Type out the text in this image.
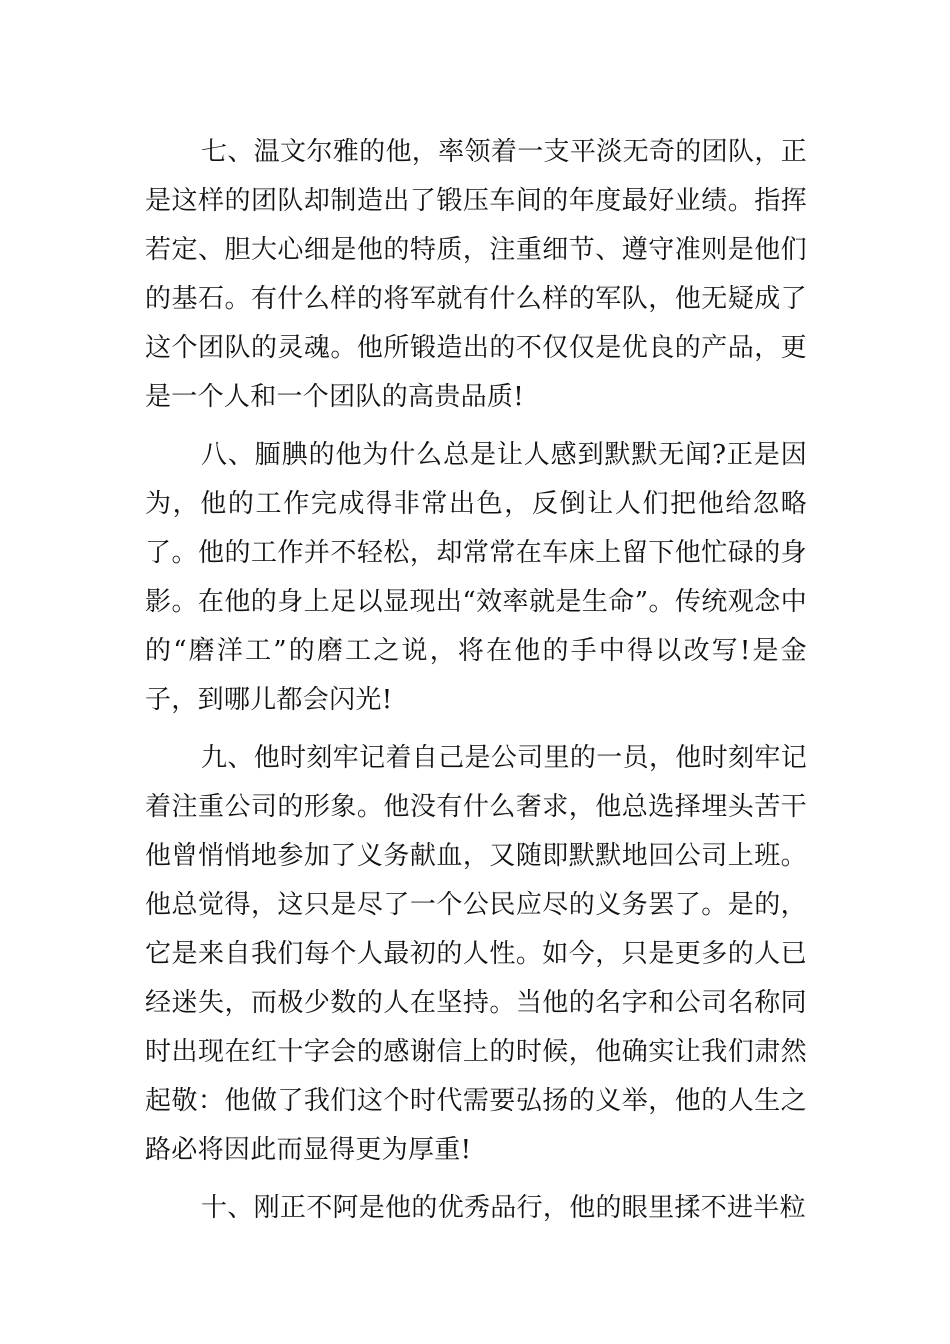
七、温文尔雅的他，率领着一支平淡无奇的团队，正是这样的团队却制造出了锻压车间的年度最好业绩。指挥若定、胆大心细是他的特质，注重细节、遵守准则是他们的基石。有什么样的将军就有什么样的军队，他无疑成了这个团队的灵魂。他所锻造出的不仅仅是优良的产品，更是一个人和一个团队的高贵品质!

八、腼腆的他为什么总是让人感到默默无闻?正是因为，他的工作完成得非常出色，反倒让人们把他给忽略了。他的工作并不轻松，却常常在车床上留下他忙碌的身影。在他的身上足以显现出“效率就是生命”。传统观念中的“磨洋工”的磨工之说，将在他的手中得以改写!是金子，到哪儿都会闪光!

九、他时刻牢记着自己是公司里的一员，他时刻牢记着注重公司的形象。他没有什么奢求，他总选择埋头苦干他曾悄悄地参加了义务献血，又随即默默地回公司上班。他总觉得，这只是尽了一个公民应尽的义务罢了。是的，它是来自我们每个人最初的人性。如今，只是更多的人已经迷失，而极少数的人在坚持。当他的名字和公司名称同时出现在红十字会的感谢信上的时候，他确实让我们肃然起敬：他做了我们这个时代需要弘扬的义举，他的人生之路必将因此而显得更为厚重!

十、刚正不阿是他的优秀品行，他的眼里揉不进半粒
